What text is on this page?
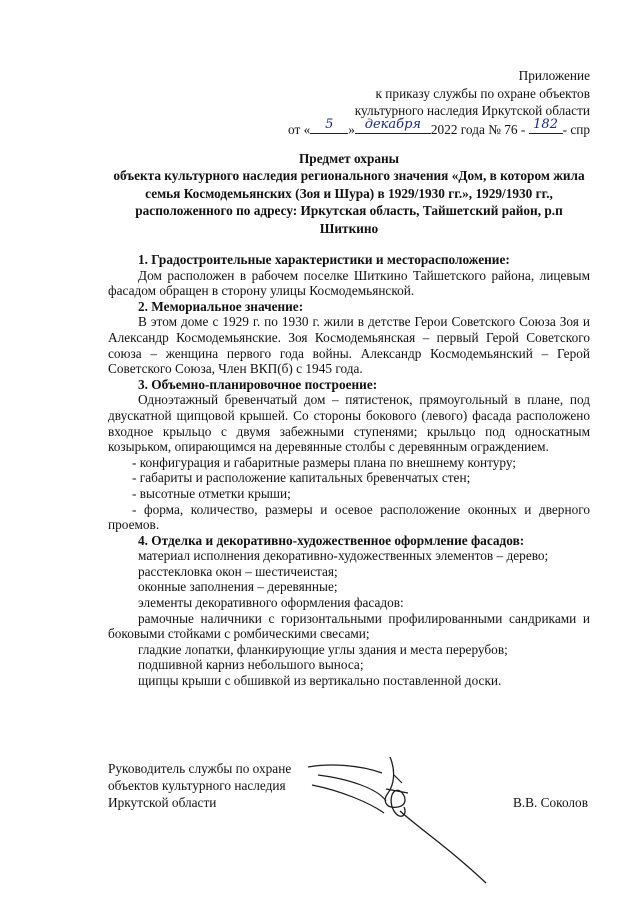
Приложение
к приказу службы по охране объектов
культурного наследия Иркутской области
от «	5	» декабря 2022 года № 76 - 182 - спр
Предмет охраны
объекта культурного наследия регионального значения «Дом, в котором жила семья Космодемьянских (Зоя и Шура) в 1929/1930 гг.», 1929/1930 гг., расположенного по адресу: Иркутская область, Тайшетский район, р.п Шиткино

1. Градостроительные характеристики и месторасположение:

Дом расположен в рабочем поселке Шиткино Тайшетского района, лицевым фасадом обращен в сторону улицы Космодемьянской.

2. Мемориальное значение:

В этом доме с 1929 г. по 1930 г. жили в детстве Герои Советского Союза Зоя и Александр Космодемьянские. Зоя Космодемьянская – первый Герой Советского союза – женщина первого года войны. Александр Космодемьянский – Герой Советского Союза, Член ВКП(б) с 1945 года.

3. Объемно-планировочное построение:

Одноэтажный бревенчатый дом – пятистенок, прямоугольный в плане, под двускатной щипцовой крышей. Со стороны бокового (левого) фасада расположено входное крыльцо с двумя забежными ступенями; крыльцо под односкатным козырьком, опирающимся на деревянные столбы с деревянным ограждением.

- конфигурация и габаритные размеры плана по внешнему контуру;

- габариты и расположение капитальных бревенчатых стен;

- высотные отметки крыши;

- форма, количество, размеры и осевое расположение оконных и дверного проемов.

4. Отделка и декоративно-художественное оформление фасадов:

материал исполнения декоративно-художественных элементов – дерево;

расстекловка окон – шестичеистая;

оконные заполнения – деревянные;

элементы декоративного оформления фасадов:

рамочные наличники с горизонтальными профилированными сандриками и боковыми стойками с ромбическими свесами;

гладкие лопатки, фланкирующие углы здания и места перерубов;

подшивной карниз небольшого выноса;

щипцы крыши с обшивкой из вертикально поставленной доски.

Руководитель службы по охране
объектов культурного наследия
Иркутской области	В.В. Соколов
